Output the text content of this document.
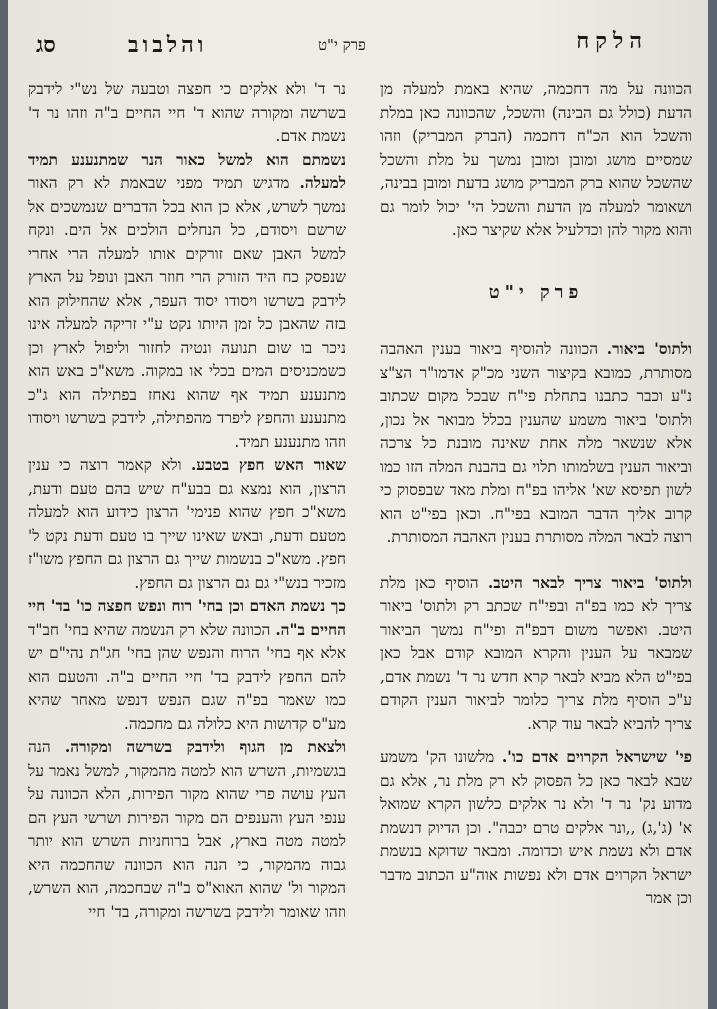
הלקח
פרק י"ט
והלבוב
סג

הכוונה על מה דחכמה, שהיא באמת למעלה מן הדעת (כולל גם הבינה) והשכל, שהכוונה כאן במלת והשכל הוא הכ"ח דחכמה (הברק המבריק) וזהו שמסיים מושג ומובן ומובן נמשך על מלת והשכל שהשכל שהוא ברק המבריק מושג בדעת ומובן בבינה, ושאומר למעלה מן הדעת והשכל הי' יכול לומר גם והוא מקור להן וכדלעיל אלא שקיצר כאן.

פרק י"ט

ולתוס' ביאור. הכוונה להוסיף ביאור בענין האהבה מסותרת, כמובא בקיצור השני מכ"ק אדמו"ר הצ"צ נ"ע וכבר כתבנו בתחלת פי"ח שבכל מקום שכתוב ולתוס' ביאור משמע שהענין בכלל מבואר אל נכון, אלא שנשאר מלה אחת שאינה מובנת כל צרכה וביאור הענין בשלמותו תלוי גם בהבנת המלה הזו כמו לשון תפיסא שא' אליהו בפ"ח ומלת מאד שבפסוק כי קרוב אליך הדבר המובא בפי"ח. וכאן בפי"ט הוא רוצה לבאר המלה מסותרת בענין האהבה המסותרת.

ולתוס' ביאור צריך לבאר היטב. הוסיף כאן מלת צריך לא כמו בפ"ה ובפי"ח שכתב רק ולתוס' ביאור היטב. ואפשר משום דבפ"ה ופי"ח נמשך הביאור שמבאר על הענין והקרא המובא קודם אבל כאן בפי"ט הלא מביא לבאר קרא חדש נר ד' נשמת אדם, ע"כ הוסיף מלת צריך כלומר לביאור הענין הקודם צריך להביא לבאר עוד קרא.

פי' שישראל הקרוים אדם כו'. מלשונו הק' משמע שבא לבאר כאן כל הפסוק לא רק מלת נר, אלא גם מדוע נק' נר ד' ולא נר אלקים כלשון הקרא שמואל א' (ג',ג) ,,ונר אלקים טרם יכבה". וכן הדיוק דנשמת אדם ולא נשמת איש וכדומה. ומבאר שדוקא בנשמת ישראל הקרוים אדם ולא נפשות אוה"ע הכתוב מדבר וכן אמר

נר ד' ולא אלקים כי חפצה וטבעה של נש"י לידבק בשרשה ומקורה שהוא ד' חיי החיים ב"ה וזהו נר ד' נשמת אדם.

נשמתם הוא למשל כאור הנר שמתנענע תמיד למעלה. מדגיש תמיד מפני שבאמת לא רק האור נמשך לשרש, אלא כן הוא בכל הדברים שנמשכים אל שרשם ויסודם, כל הנחלים הולכים אל הים. ונקח למשל האבן שאם זורקים אותו למעלה הרי אחרי שנפסק כח היד הזורק הרי חוזר האבן ונופל על הארץ לידבק בשרשו ויסודו יסוד העפר, אלא שהחילוק הוא בזה שהאבן כל זמן היותו נקט ע"י זריקה למעלה אינו ניכר בו שום תנועה ונטיה לחזור וליפול לארץ וכן כשמכניסים המים בכלי או במקוה. משא"כ באש הוא מתנענע תמיד אף שהוא נאחז בפתילה הוא ג"כ מתנענע והחפץ ליפרד מהפתילה, לידבק בשרשו ויסודו וזהו מתנענע תמיד.

שאור האש חפץ בטבע. ולא קאמר רוצה כי ענין הרצון, הוא נמצא גם בבע"ח שיש בהם טעם ודעת, משא"כ חפץ שהוא פנימי' הרצון כידוע הוא למעלה מטעם ודעת, ובאש שאינו שייך בו טעם ודעת נקט ל' חפץ. משא"כ בנשמות שייך גם הרצון גם החפץ משו"ז מזכיר בנש"י גם גם הרצון גם החפץ.

כך נשמת האדם וכן בחי' רוח ונפש חפצה כו' בד' חיי החיים ב"ה. הכוונה שלא רק הנשמה שהיא בחי' חב"ד אלא אף בחי' הרוח והנפש שהן בחי' חג"ת נהי"ם יש להם החפץ לידבק בד' חיי החיים ב"ה. והטעם הוא כמו שאמר בפ"ה שגם הנפש דנפש מאחר שהיא מע"ס קדושות היא כלולה גם מחכמה.

ולצאת מן הגוף ולידבק בשרשה ומקורה. הנה בגשמיות, השרש הוא למטה מהמקור, למשל נאמר על העץ עושה פרי שהוא מקור הפירות, הלא הכוונה על ענפי העץ והענפים הם מקור הפירות ושרשי העץ הם למטה מטה בארץ, אבל ברוחניות השרש הוא יותר גבוה מהמקור, כי הנה הוא הכוונה שהחכמה היא המקור ול' שהוא האוא"ס ב"ה שבחכמה, הוא השרש, וזהו שאומר ולידבק בשרשה ומקורה, בד' חיי
